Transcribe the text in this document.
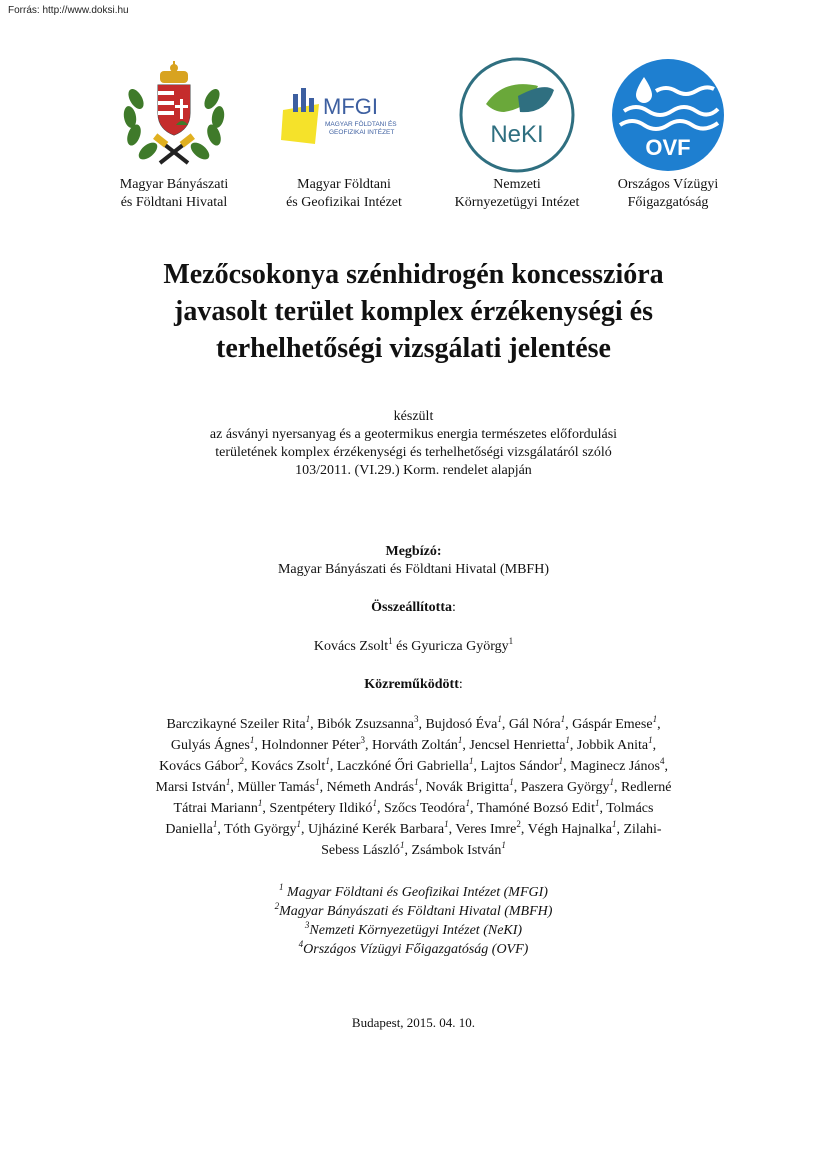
Forrás: http://www.doksi.hu
Magyar Bányászati
és Földtani Hivatal
MFGI
MAGYAR FÖLDTANI ÉS
GEOFIZIKAI INTÉZET
Magyar Földtani
és Geofizikai Intézet
NeKI
Nemzeti
Környezetügyi Intézet
OVF
Országos Vízügyi
Főigazgatóság
Mezőcsokonya szénhidrogén koncesszióra
javasolt terület komplex érzékenységi és
terhelhetőségi vizsgálati jelentése
készült
az ásványi nyersanyag és a geotermikus energia természetes előfordulási
területének komplex érzékenységi és terhelhetőségi vizsgálatáról szóló
103/2011. (VI.29.) Korm. rendelet alapján
Megbízó:
Magyar Bányászati és Földtani Hivatal (MBFH)
Összeállította:
Kovács Zsolt$^1$ és Gyuricza György$^1$
Közreműködött:
Barczikayné Szeiler Rita$^1$, Bibók Zsuzsanna$^3$, Bujdosó Éva$^1$, Gál Nóra$^1$, Gáspár Emese$^1$,
Gulyás Ágnes$^1$, Holndonner Péter$^3$, Horváth Zoltán$^1$, Jencsel Henrietta$^1$, Jobbik Anita$^1$,
Kovács Gábor$^2$, Kovács Zsolt$^1$, Laczkóné Őri Gabriella$^1$, Lajtos Sándor$^1$, Maginecz János$^4$,
Marsi István$^1$, Müller Tamás$^1$, Németh András$^1$, Novák Brigitta$^1$, Paszera György$^1$, Redlerné
Tátrai Mariann$^1$, Szentpétery Ildikó$^1$, Szőcs Teodóra$^1$, Thamóné Bozsó Edit$^1$, Tolmács
Daniella$^1$, Tóth György$^1$, Ujháziné Kerék Barbara$^1$, Veres Imre$^2$, Végh Hajnalka$^1$, Zilahi-
Sebess László$^1$, Zsámbok István$^1$
$^1$ Magyar Földtani és Geofizikai Intézet (MFGI)
$^2$Magyar Bányászati és Földtani Hivatal (MBFH)
$^3$Nemzeti Környezetügyi Intézet (NeKI)
$^4$Országos Vízügyi Főigazgatóság (OVF)
Budapest, 2015. 04. 10.
